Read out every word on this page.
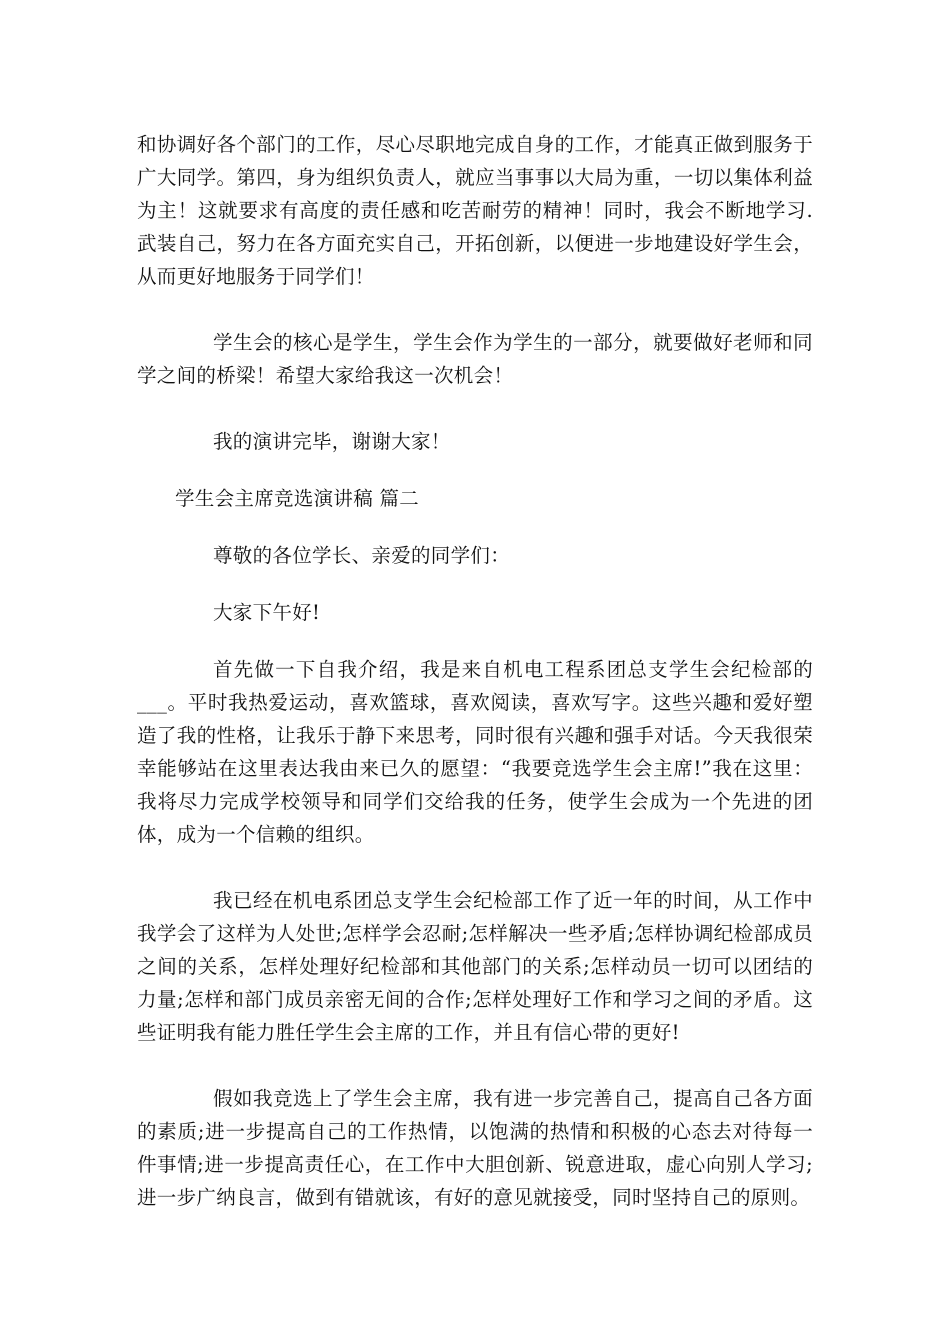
和协调好各个部门的工作，尽心尽职地完成自身的工作，才能真正做到服务于广大同学。第四，身为组织负责人，就应当事事以大局为重，一切以集体利益为主！这就要求有高度的责任感和吃苦耐劳的精神！同时，我会不断地学习.武装自己，努力在各方面充实自己，开拓创新，以便进一步地建设好学生会，从而更好地服务于同学们！

学生会的核心是学生，学生会作为学生的一部分，就要做好老师和同学之间的桥梁！希望大家给我这一次机会！

我的演讲完毕，谢谢大家！

学生会主席竞选演讲稿 篇二

尊敬的各位学长、亲爱的同学们：

大家下午好!

首先做一下自我介绍，我是来自机电工程系团总支学生会纪检部的___。平时我热爱运动，喜欢篮球，喜欢阅读，喜欢写字。这些兴趣和爱好塑造了我的性格，让我乐于静下来思考，同时很有兴趣和强手对话。今天我很荣幸能够站在这里表达我由来已久的愿望：“我要竞选学生会主席!”我在这里：我将尽力完成学校领导和同学们交给我的任务，使学生会成为一个先进的团体，成为一个信赖的组织。

我已经在机电系团总支学生会纪检部工作了近一年的时间，从工作中我学会了这样为人处世;怎样学会忍耐;怎样解决一些矛盾;怎样协调纪检部成员之间的关系，怎样处理好纪检部和其他部门的关系;怎样动员一切可以团结的力量;怎样和部门成员亲密无间的合作;怎样处理好工作和学习之间的矛盾。这些证明我有能力胜任学生会主席的工作，并且有信心带的更好!

假如我竞选上了学生会主席，我有进一步完善自己，提高自己各方面的素质;进一步提高自己的工作热情，以饱满的热情和积极的心态去对待每一件事情;进一步提高责任心，在工作中大胆创新、锐意进取，虚心向别人学习;进一步广纳良言，做到有错就该，有好的意见就接受，同时坚持自己的原则。
